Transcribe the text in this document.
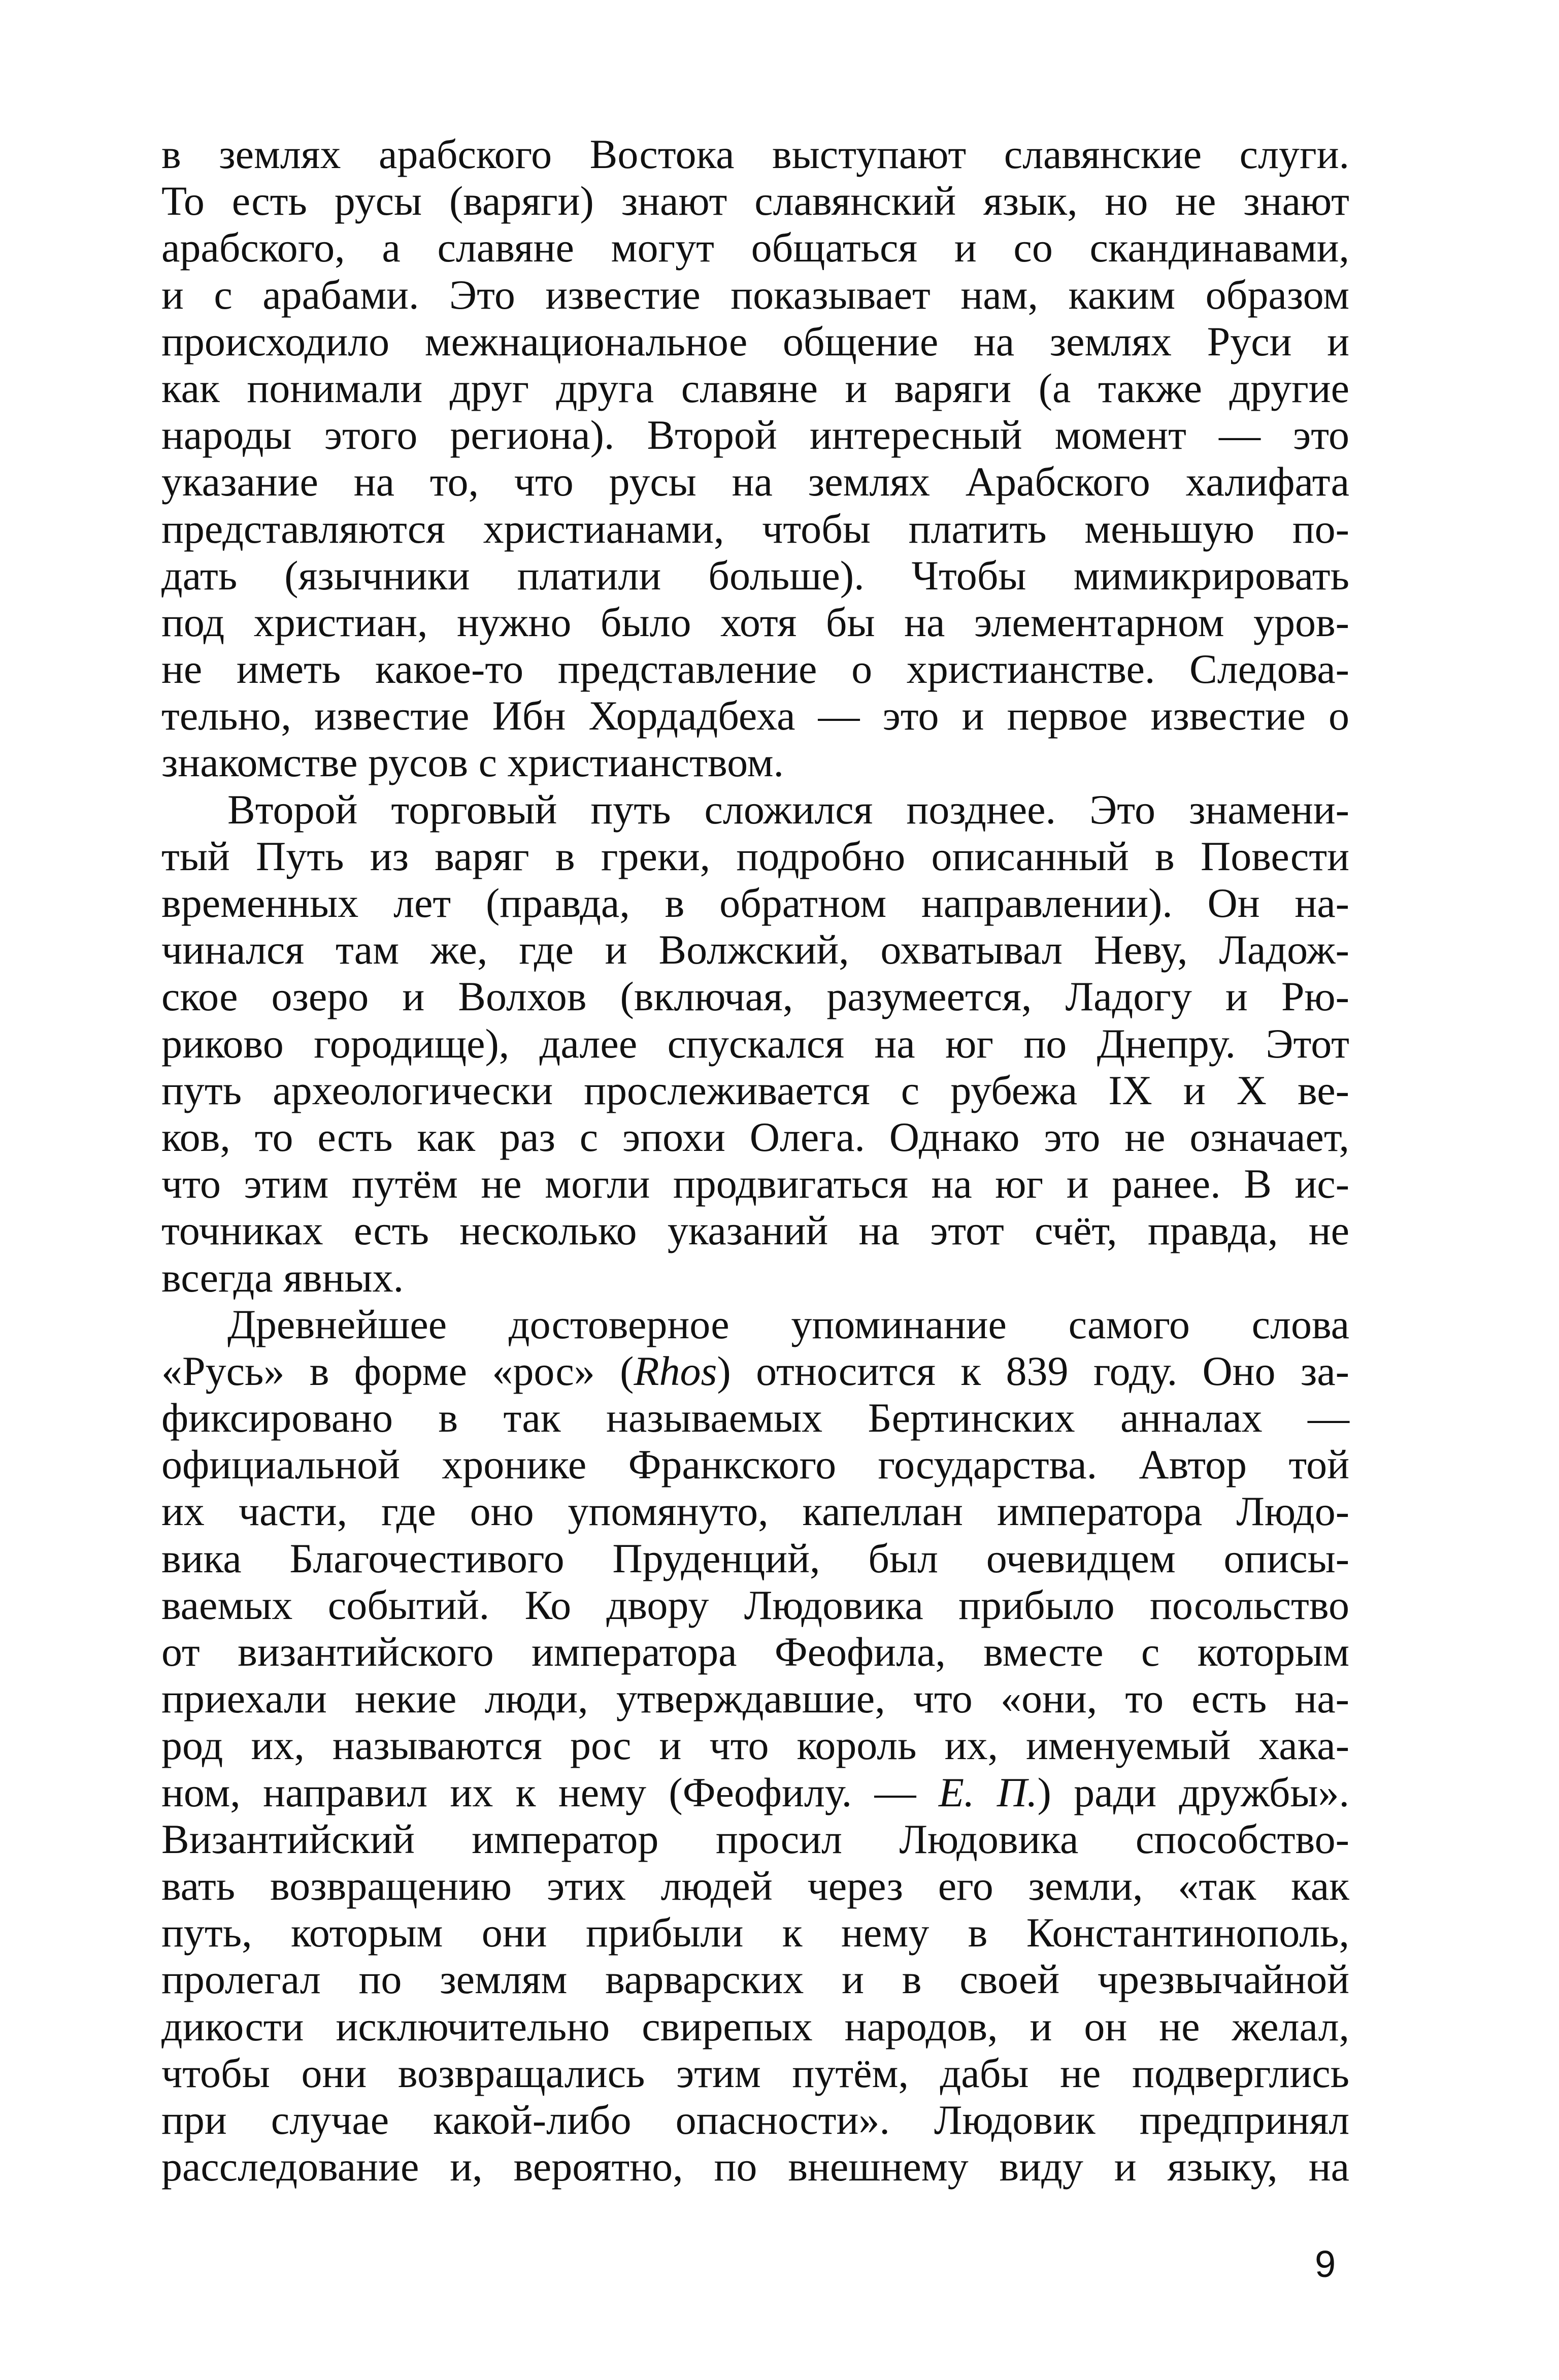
в землях арабского Востока выступают славянские слуги.
То есть русы (варяги) знают славянский язык, но не знают
арабского, а славяне могут общаться и со скандинавами,
и с арабами. Это известие показывает нам, каким образом
происходило межнациональное общение на землях Руси и
как понимали друг друга славяне и варяги (а также другие
народы этого региона). Второй интересный момент — это
указание на то, что русы на землях Арабского халифата
представляются христианами, чтобы платить меньшую по-
дать (язычники платили больше). Чтобы мимикрировать
под христиан, нужно было хотя бы на элементарном уров-
не иметь какое-то представление о христианстве. Следова-
тельно, известие Ибн Хордадбеха — это и первое известие о
знакомстве русов с христианством.
Второй торговый путь сложился позднее. Это знамени-
тый Путь из варяг в греки, подробно описанный в Повести
временных лет (правда, в обратном направлении). Он на-
чинался там же, где и Волжский, охватывал Неву, Ладож-
ское озеро и Волхов (включая, разумеется, Ладогу и Рю-
риково городище), далее спускался на юг по Днепру. Этот
путь археологически прослеживается с рубежа IX и X ве-
ков, то есть как раз с эпохи Олега. Однако это не означает,
что этим путём не могли продвигаться на юг и ранее. В ис-
точниках есть несколько указаний на этот счёт, правда, не
всегда явных.
Древнейшее достоверное упоминание самого слова
«Русь» в форме «рос» (Rhos) относится к 839 году. Оно за-
фиксировано в так называемых Бертинских анналах —
официальной хронике Франкского государства. Автор той
их части, где оно упомянуто, капеллан императора Людо-
вика Благочестивого Пруденций, был очевидцем описы-
ваемых событий. Ко двору Людовика прибыло посольство
от византийского императора Феофила, вместе с которым
приехали некие люди, утверждавшие, что «они, то есть на-
род их, называются рос и что король их, именуемый хака-
ном, направил их к нему (Феофилу. — Е. П.) ради дружбы».
Византийский император просил Людовика способство-
вать возвращению этих людей через его земли, «так как
путь, которым они прибыли к нему в Константинополь,
пролегал по землям варварских и в своей чрезвычайной
дикости исключительно свирепых народов, и он не желал,
чтобы они возвращались этим путём, дабы не подверглись
при случае какой-либо опасности». Людовик предпринял
расследование и, вероятно, по внешнему виду и языку, на
9
